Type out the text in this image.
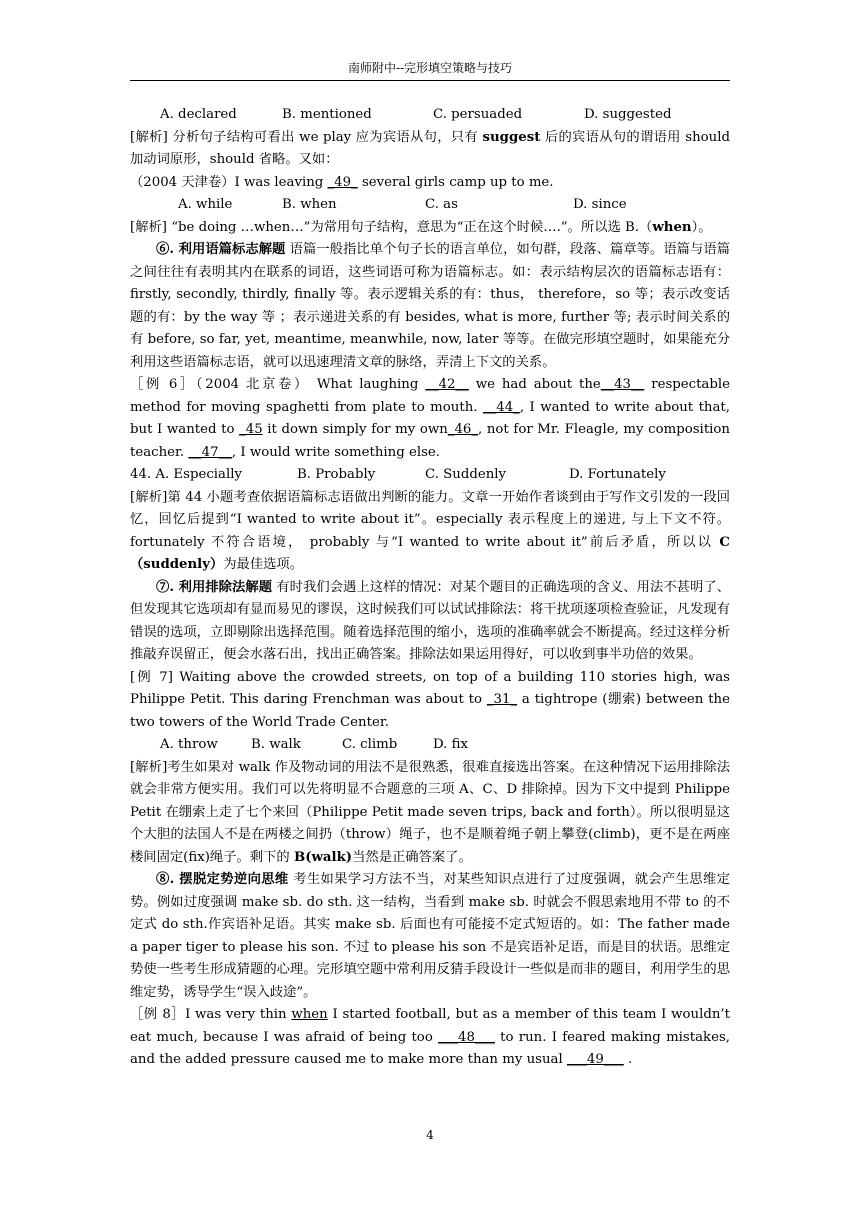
南师附中--完形填空策略与技巧

A. declared	B. mentioned	C. persuaded	D. suggested

[解析] 分析句子结构可看出 we play 应为宾语从句，只有 suggest 后的宾语从句的谓语用 should 加动词原形，should 省略。又如：

（2004 天津卷）I was leaving _49_ several girls camp up to me.

A. while	B. when	C. as	D. since

[解析] “be doing …when…”为常用句子结构，意思为“正在这个时候….”。所以选 B.（when）。

⑥. 利用语篇标志解题 语篇一般指比单个句子长的语言单位，如句群，段落、篇章等。语篇与语篇之间往往有表明其内在联系的词语，这些词语可称为语篇标志。如：表示结构层次的语篇标志语有：firstly, secondly, thirdly, finally 等。表示逻辑关系的有：thus， therefore，so 等；表示改变话题的有：by the way 等 ；表示递进关系的有 besides, what is more, further 等; 表示时间关系的有 before, so far, yet, meantime, meanwhile, now, later 等等。在做完形填空题时，如果能充分利用这些语篇标志语，就可以迅速理清文章的脉络，弄清上下文的关系。

［例 6］（2004 北京卷） What laughing __42__ we had about the__43__ respectable method for moving spaghetti from plate to mouth. __44_, I wanted to write about that, but I wanted to _45 it down simply for my own_46_, not for Mr. Fleagle, my composition teacher. __47__, I would write something else.

44. A. Especially	B. Probably	C. Suddenly	D. Fortunately

[解析]第 44 小题考查依据语篇标志语做出判断的能力。文章一开始作者谈到由于写作文引发的一段回忆，回忆后提到“I wanted to write about it”。especially 表示程度上的递进, 与上下文不符。 fortunately 不符合语境， probably 与“I wanted to write about it”前后矛盾，所以以 C（suddenly）为最佳选项。

⑦. 利用排除法解题 有时我们会遇上这样的情况：对某个题目的正确选项的含义、用法不甚明了、但发现其它选项却有显而易见的谬误，这时候我们可以试试排除法：将干扰项逐项检查验证，凡发现有错误的选项，立即剔除出选择范围。随着选择范围的缩小，选项的准确率就会不断提高。经过这样分析推敲弃误留正，便会水落石出，找出正确答案。排除法如果运用得好，可以收到事半功倍的效果。

[例 7] Waiting above the crowded streets, on top of a building 110 stories high, was Philippe Petit. This daring Frenchman was about to _31_ a tightrope (绷索) between the two towers of the World Trade Center.

A. throw	B. walk	C. climb	D. fix

[解析]考生如果对 walk 作及物动词的用法不是很熟悉，很难直接选出答案。在这种情况下运用排除法就会非常方便实用。我们可以先将明显不合题意的三项 A、C、D 排除掉。因为下文中提到 Philippe Petit 在绷索上走了七个来回（Philippe Petit made seven trips, back and forth）。所以很明显这个大胆的法国人不是在两楼之间扔（throw）绳子，也不是顺着绳子朝上攀登(climb)，更不是在两座楼间固定(fix)绳子。剩下的 B(walk)当然是正确答案了。

⑧. 摆脱定势逆向思维 考生如果学习方法不当，对某些知识点进行了过度强调，就会产生思维定势。例如过度强调 make sb. do sth. 这一结构，当看到 make sb. 时就会不假思索地用不带 to 的不定式 do sth.作宾语补足语。其实 make sb. 后面也有可能接不定式短语的。如：The father made a paper tiger to please his son. 不过 to please his son 不是宾语补足语，而是目的状语。思维定势使一些考生形成猜题的心理。完形填空题中常利用反猜手段设计一些似是而非的题目，利用学生的思维定势，诱导学生“误入歧途”。

［例 8］I was very thin when I started football, but as a member of this team I wouldn’t eat much, because I was afraid of being too ___48___ to run. I feared making mistakes, and the added pressure caused me to make more than my usual ___49___ .

4
